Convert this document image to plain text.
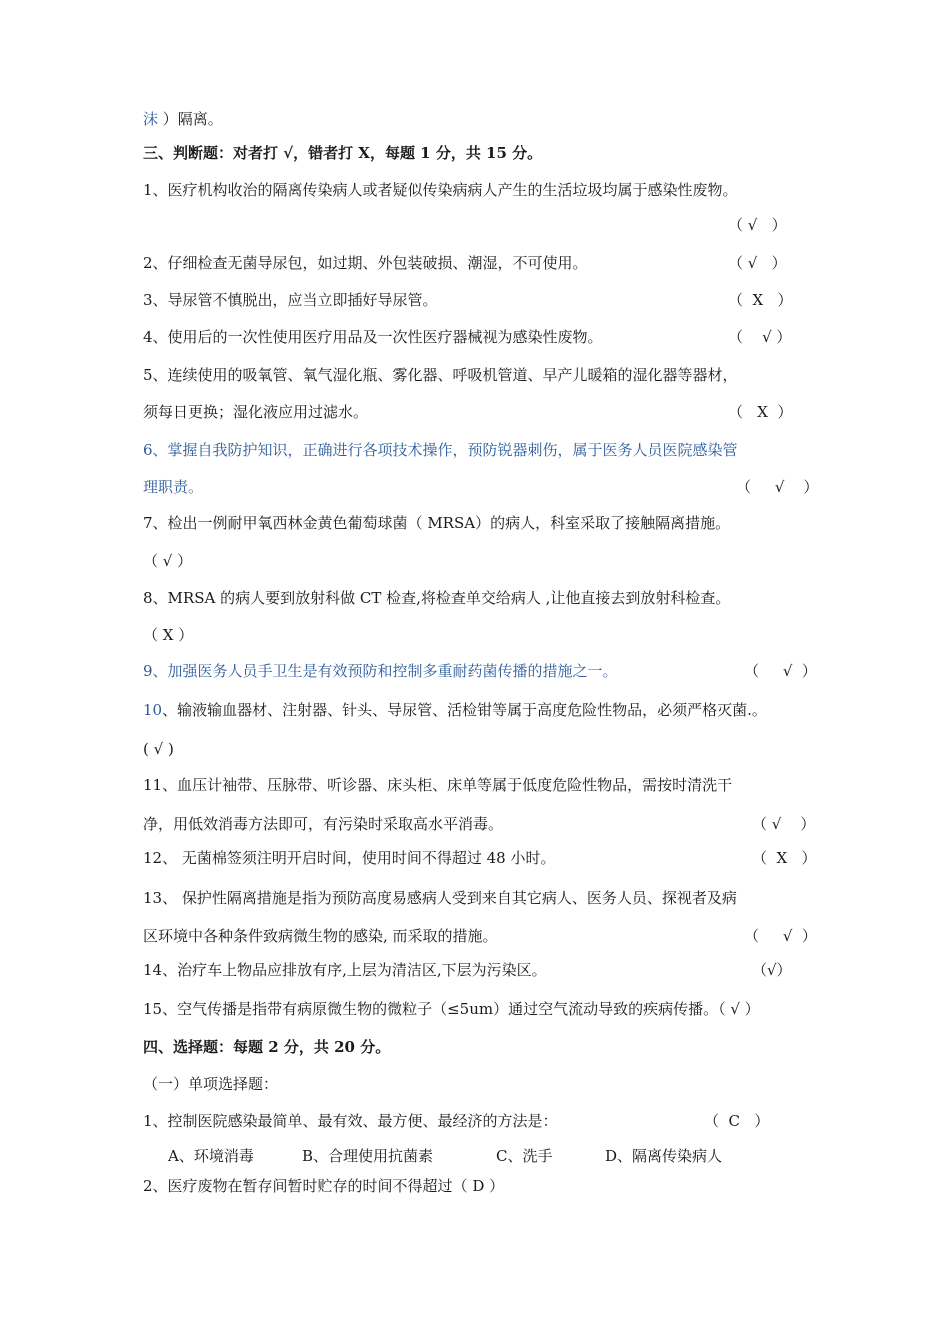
沫 ）隔离。
三、判断题：对者打 √，错者打 X，每题 1 分，共 15 分。
1、医疗机构收治的隔离传染病人或者疑似传染病病人产生的生活垃圾均属于感染性废物。
（ √   ）
2、仔细检查无菌导尿包，如过期、外包装破损、潮湿，不可使用。	（ √   ）
3、导尿管不慎脱出，应当立即插好导尿管。	（  X   ）
4、使用后的一次性使用医疗用品及一次性医疗器械视为感染性废物。	（    √ ）
5、连续使用的吸氧管、氧气湿化瓶、雾化器、呼吸机管道、早产儿暖箱的湿化器等器材，
须每日更换；湿化液应用过滤水。	（   X  ）
6、掌握自我防护知识，正确进行各项技术操作，预防锐器刺伤，属于医务人员医院感染管
理职责。	（     √    ）
7、检出一例耐甲氧西林金黄色葡萄球菌（ MRSA）的病人，科室采取了接触隔离措施。
（ √ ）
8、MRSA 的病人要到放射科做 CT 检查,将检查单交给病人 ,让他直接去到放射科检查。
（ X ）
9、加强医务人员手卫生是有效预防和控制多重耐药菌传播的措施之一。	（     √  ）
10、输液输血器材、注射器、针头、导尿管、活检钳等属于高度危险性物品，必须严格灭菌.。
( √ )
11、血压计袖带、压脉带、听诊器、床头柜、床单等属于低度危险性物品，需按时清洗干
净，用低效消毒方法即可，有污染时采取高水平消毒。	（ √    ）
12、 无菌棉签须注明开启时间，使用时间不得超过 48 小时。	（  X   ）
13、 保护性隔离措施是指为预防高度易感病人受到来自其它病人、医务人员、探视者及病
区环境中各种条件致病微生物的感染, 而采取的措施。	（     √  ）
14、治疗车上物品应排放有序,上层为清洁区,下层为污染区。	（√）
15、空气传播是指带有病原微生物的微粒子（≤5um）通过空气流动导致的疾病传播。（ √ ）
四、选择题：每题 2 分，共 20 分。
（一）单项选择题：
1、控制医院感染最简单、最有效、最方便、最经济的方法是：	（  C   ）
A、环境消毒	B、合理使用抗菌素	C、洗手	D、隔离传染病人
2、医疗废物在暂存间暂时贮存的时间不得超过（ D ）
